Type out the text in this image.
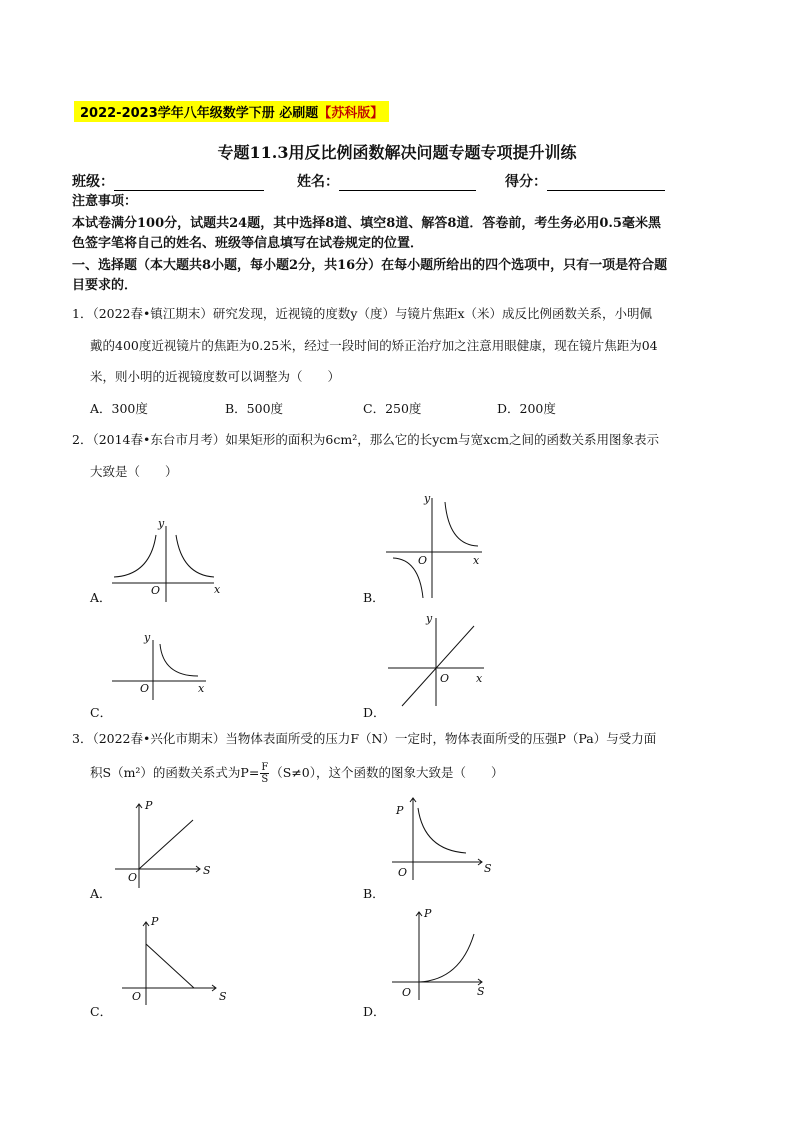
2022-2023学年八年级数学下册 必刷题【苏科版】
专题11.3用反比例函数解决问题专题专项提升训练
班级：	姓名：	得分：
注意事项：
本试卷满分100分，试题共24题，其中选择8道、填空8道、解答8道．答卷前，考生务必用0.5毫米黑
色签字笔将自己的姓名、班级等信息填写在试卷规定的位置．
一、选择题（本大题共8小题，每小题2分，共16分）在每小题所给出的四个选项中，只有一项是符合题
目要求的．
1．（2022春•镇江期末）研究发现，近视镜的度数y（度）与镜片焦距x（米）成反比例函数关系，小明佩
戴的400度近视镜片的焦距为0.25米，经过一段时间的矫正治疗加之注意用眼健康，现在镜片焦距为04
米，则小明的近视镜度数可以调整为（　　）
A．300度	B．500度	C．250度	D．200度
2．（2014春•东台市月考）如果矩形的面积为6cm²，那么它的长ycm与宽xcm之间的函数关系用图象表示
大致是（　　）
A．	B．
C．	D．
y
x
O
y
x
O
y
x
O
y
x
O
P
S
O
P
S
O
P
S
O
P
S
O
3．（2022春•兴化市期末）当物体表面所受的压力F（N）一定时，物体表面所受的压强P（Pa）与受力面
积S（m²）的函数关系式为$P= \frac{F}{S} (S\ne 0)$，这个函数的图象大致是（　　）
A．	B．
C．	D．
